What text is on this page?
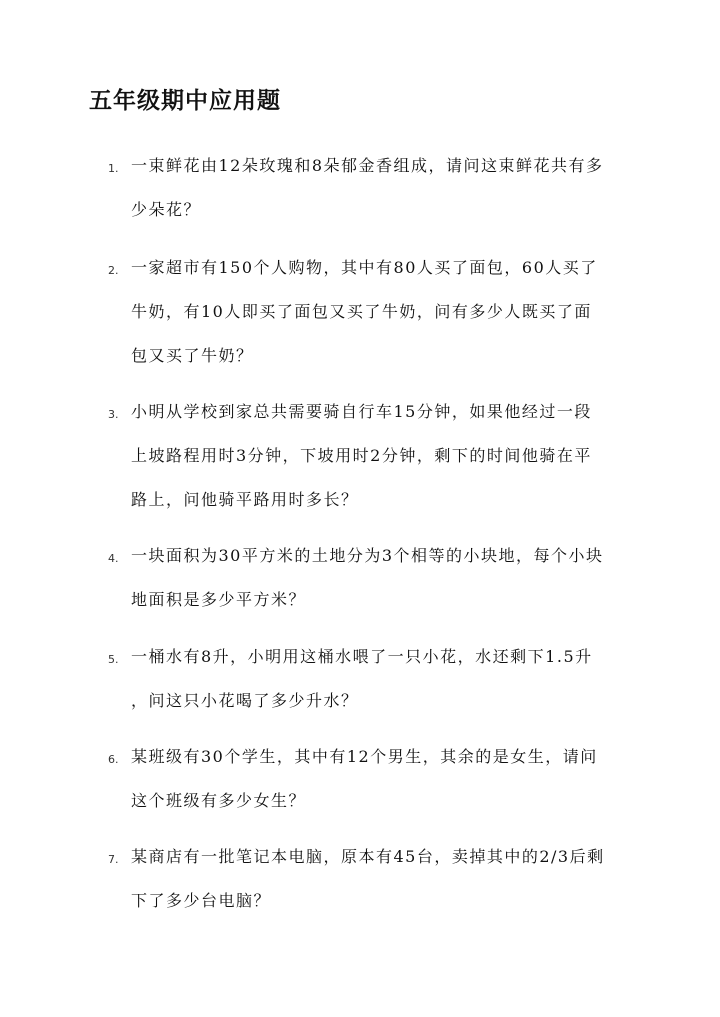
五年级期中应用题
1. 一束鲜花由12朵玫瑰和8朵郁金香组成，请问这束鲜花共有多
少朵花？
2. 一家超市有150个人购物，其中有80人买了面包，60人买了
牛奶，有10人即买了面包又买了牛奶，问有多少人既买了面
包又买了牛奶？
3. 小明从学校到家总共需要骑自行车15分钟，如果他经过一段
上坡路程用时3分钟，下坡用时2分钟，剩下的时间他骑在平
路上，问他骑平路用时多长？
4. 一块面积为30平方米的土地分为3个相等的小块地，每个小块
地面积是多少平方米？
5. 一桶水有8升，小明用这桶水喂了一只小花，水还剩下1.5升
，问这只小花喝了多少升水？
6. 某班级有30个学生，其中有12个男生，其余的是女生，请问
这个班级有多少女生？
7. 某商店有一批笔记本电脑，原本有45台，卖掉其中的2/3后剩
下了多少台电脑？
